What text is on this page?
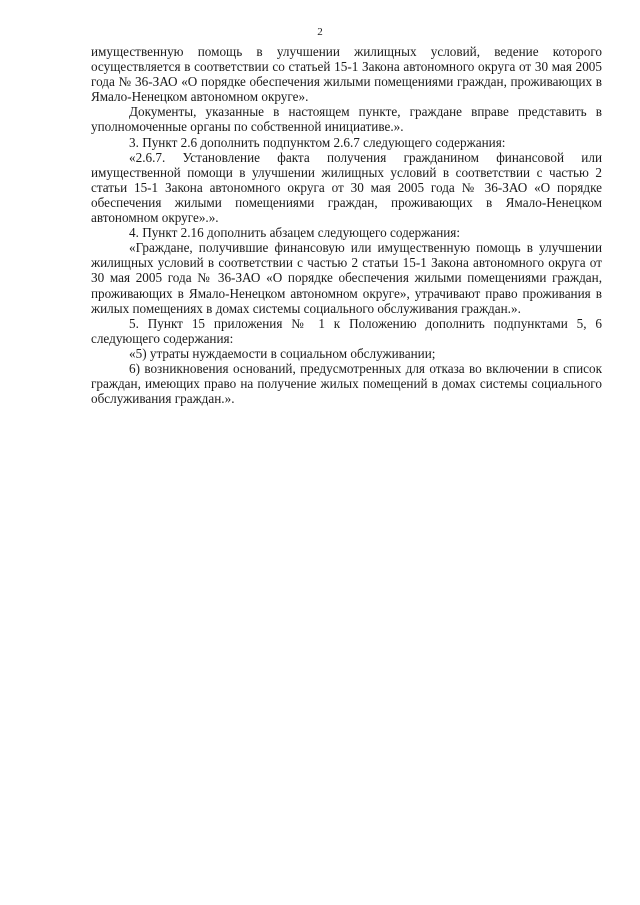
2

имущественную помощь в улучшении жилищных условий, ведение которого осуществляется в соответствии со статьей 15-1 Закона автономного округа от 30 мая 2005 года № 36-ЗАО «О порядке обеспечения жилыми помещениями граждан, проживающих в Ямало-Ненецком автономном округе».

Документы, указанные в настоящем пункте, граждане вправе представить в уполномоченные органы по собственной инициативе.».

3. Пункт 2.6 дополнить подпунктом 2.6.7 следующего содержания:

«2.6.7. Установление факта получения гражданином финансовой или имущественной помощи в улучшении жилищных условий в соответствии с частью 2 статьи 15-1 Закона автономного округа от 30 мая 2005 года № 36-ЗАО «О порядке обеспечения жилыми помещениями граждан, проживающих в Ямало-Ненецком автономном округе».».

4. Пункт 2.16 дополнить абзацем следующего содержания:

«Граждане, получившие финансовую или имущественную помощь в улучшении жилищных условий в соответствии с частью 2 статьи 15-1 Закона автономного округа от 30 мая 2005 года № 36-ЗАО «О порядке обеспечения жилыми помещениями граждан, проживающих в Ямало-Ненецком автономном округе», утрачивают право проживания в жилых помещениях в домах системы социального обслуживания граждан.».

5. Пункт 15 приложения № 1 к Положению дополнить подпунктами 5, 6 следующего содержания:

«5) утраты нуждаемости в социальном обслуживании;

6) возникновения оснований, предусмотренных для отказа во включении в список граждан, имеющих право на получение жилых помещений в домах системы социального обслуживания граждан.».
